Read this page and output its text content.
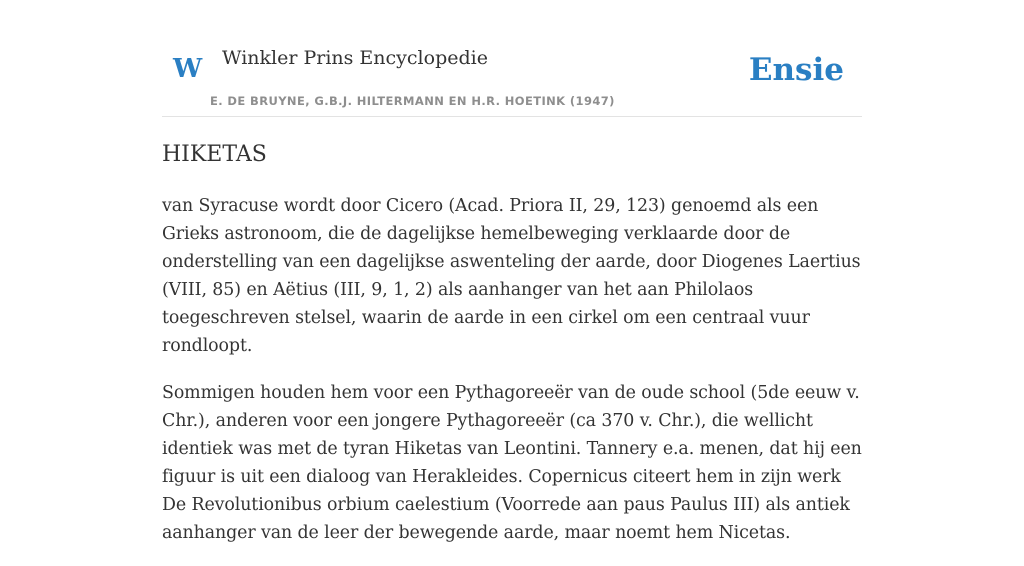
W Winkler Prins Encyclopedie
E. DE BRUYNE, G.B.J. HILTERMANN EN H.R. HOETINK (1947)
Ensie
HIKETAS

van Syracuse wordt door Cicero (Acad. Priora II, 29, 123) genoemd als een Grieks astronoom, die de dagelijkse hemelbeweging verklaarde door de onderstelling van een dagelijkse aswenteling der aarde, door Diogenes Laertius (VIII, 85) en Aëtius (III, 9, 1, 2) als aanhanger van het aan Philolaos toegeschreven stelsel, waarin de aarde in een cirkel om een centraal vuur rondloopt.

Sommigen houden hem voor een Pythagoreeër van de oude school (5de eeuw v. Chr.), anderen voor een jongere Pythagoreeër (ca 370 v. Chr.), die wellicht identiek was met de tyran Hiketas van Leontini. Tannery e.a. menen, dat hij een figuur is uit een dialoog van Herakleides. Copernicus citeert hem in zijn werk De Revolutionibus orbium caelestium (Voorrede aan paus Paulus III) als antiek aanhanger van de leer der bewegende aarde, maar noemt hem Nicetas.
